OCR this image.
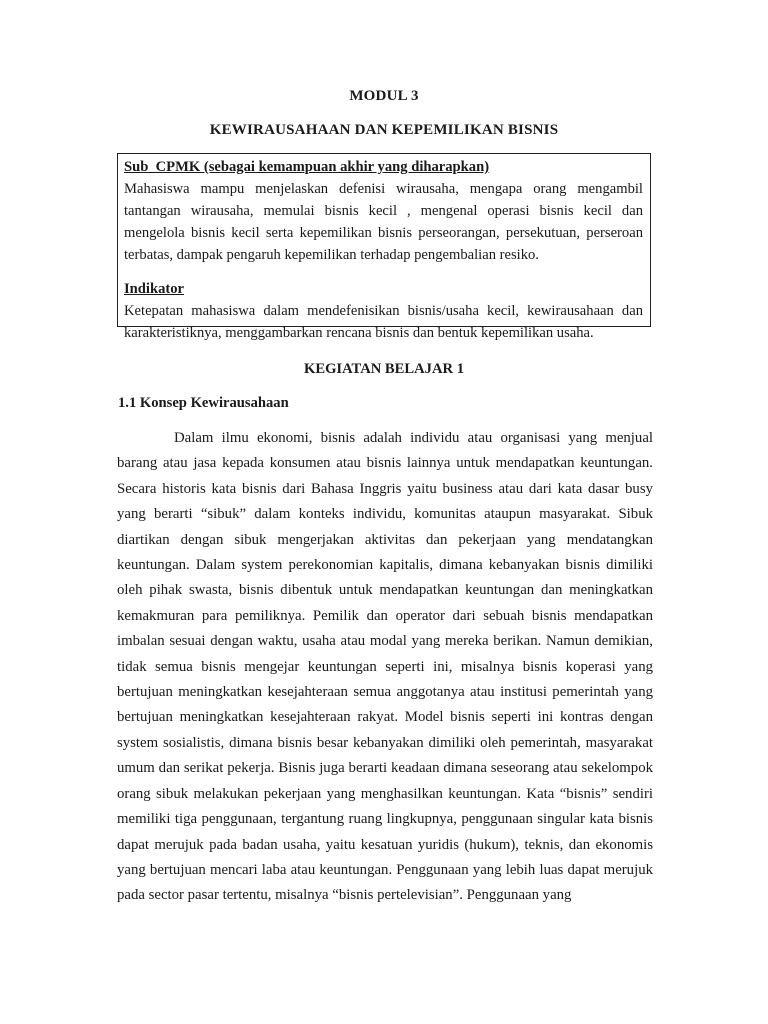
MODUL 3
KEWIRAUSAHAAN DAN KEPEMILIKAN BISNIS
Sub_CPMK (sebagai kemampuan akhir yang diharapkan)
Mahasiswa mampu menjelaskan defenisi wirausaha, mengapa orang mengambil tantangan wirausaha, memulai bisnis kecil , mengenal operasi bisnis kecil dan mengelola bisnis kecil serta kepemilikan bisnis perseorangan, persekutuan, perseroan terbatas, dampak pengaruh kepemilikan terhadap pengembalian resiko.
Indikator
Ketepatan mahasiswa dalam mendefenisikan bisnis/usaha kecil, kewirausahaan dan karakteristiknya, menggambarkan rencana bisnis dan bentuk kepemilikan usaha.
KEGIATAN BELAJAR 1
1.1 Konsep Kewirausahaan

Dalam ilmu ekonomi, bisnis adalah individu atau organisasi yang menjual barang atau jasa kepada konsumen atau bisnis lainnya untuk mendapatkan keuntungan. Secara historis kata bisnis dari Bahasa Inggris yaitu business atau dari kata dasar busy yang berarti “sibuk” dalam konteks individu, komunitas ataupun masyarakat. Sibuk diartikan dengan sibuk mengerjakan aktivitas dan pekerjaan yang mendatangkan keuntungan. Dalam system perekonomian kapitalis, dimana kebanyakan bisnis dimiliki oleh pihak swasta, bisnis dibentuk untuk mendapatkan keuntungan dan meningkatkan kemakmuran para pemiliknya. Pemilik dan operator dari sebuah bisnis mendapatkan imbalan sesuai dengan waktu, usaha atau modal yang mereka berikan. Namun demikian, tidak semua bisnis mengejar keuntungan seperti ini, misalnya bisnis koperasi yang bertujuan meningkatkan kesejahteraan semua anggotanya atau institusi pemerintah yang bertujuan meningkatkan kesejahteraan rakyat. Model bisnis seperti ini kontras dengan system sosialistis, dimana bisnis besar kebanyakan dimiliki oleh pemerintah, masyarakat umum dan serikat pekerja. Bisnis juga berarti keadaan dimana seseorang atau sekelompok orang sibuk melakukan pekerjaan yang menghasilkan keuntungan. Kata “bisnis” sendiri memiliki tiga penggunaan, tergantung ruang lingkupnya, penggunaan singular kata bisnis dapat merujuk pada badan usaha, yaitu kesatuan yuridis (hukum), teknis, dan ekonomis yang bertujuan mencari laba atau keuntungan. Penggunaan yang lebih luas dapat merujuk pada sector pasar tertentu, misalnya “bisnis pertelevisian”. Penggunaan yang
